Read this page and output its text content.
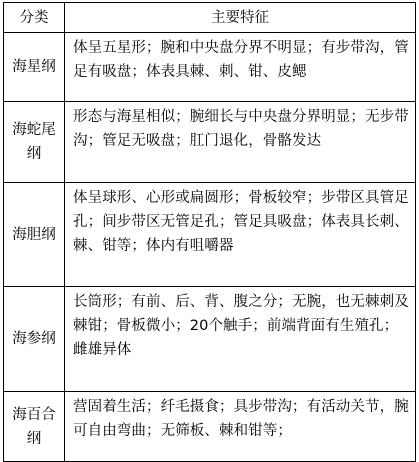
分类	主要特征
海星纲	体呈五星形；腕和中央盘分界不明显；有步带沟，管足有吸盘；体表具棘、刺、钳、皮鳃
海蛇尾纲	形态与海星相似；腕细长与中央盘分界明显；无步带沟；管足无吸盘；肛门退化，骨骼发达
海胆纲	体呈球形、心形或扁圆形；骨板较窄；步带区具管足孔；间步带区无管足孔；管足具吸盘；体表具长刺、棘、钳等；体内有咀嚼器
海参纲	长筒形；有前、后、背、腹之分；无腕，也无棘刺及棘钳；骨板微小；20个触手；前端背面有生殖孔；雌雄异体
海百合纲	营固着生活；纤毛摄食；具步带沟；有活动关节，腕可自由弯曲；无筛板、棘和钳等；
